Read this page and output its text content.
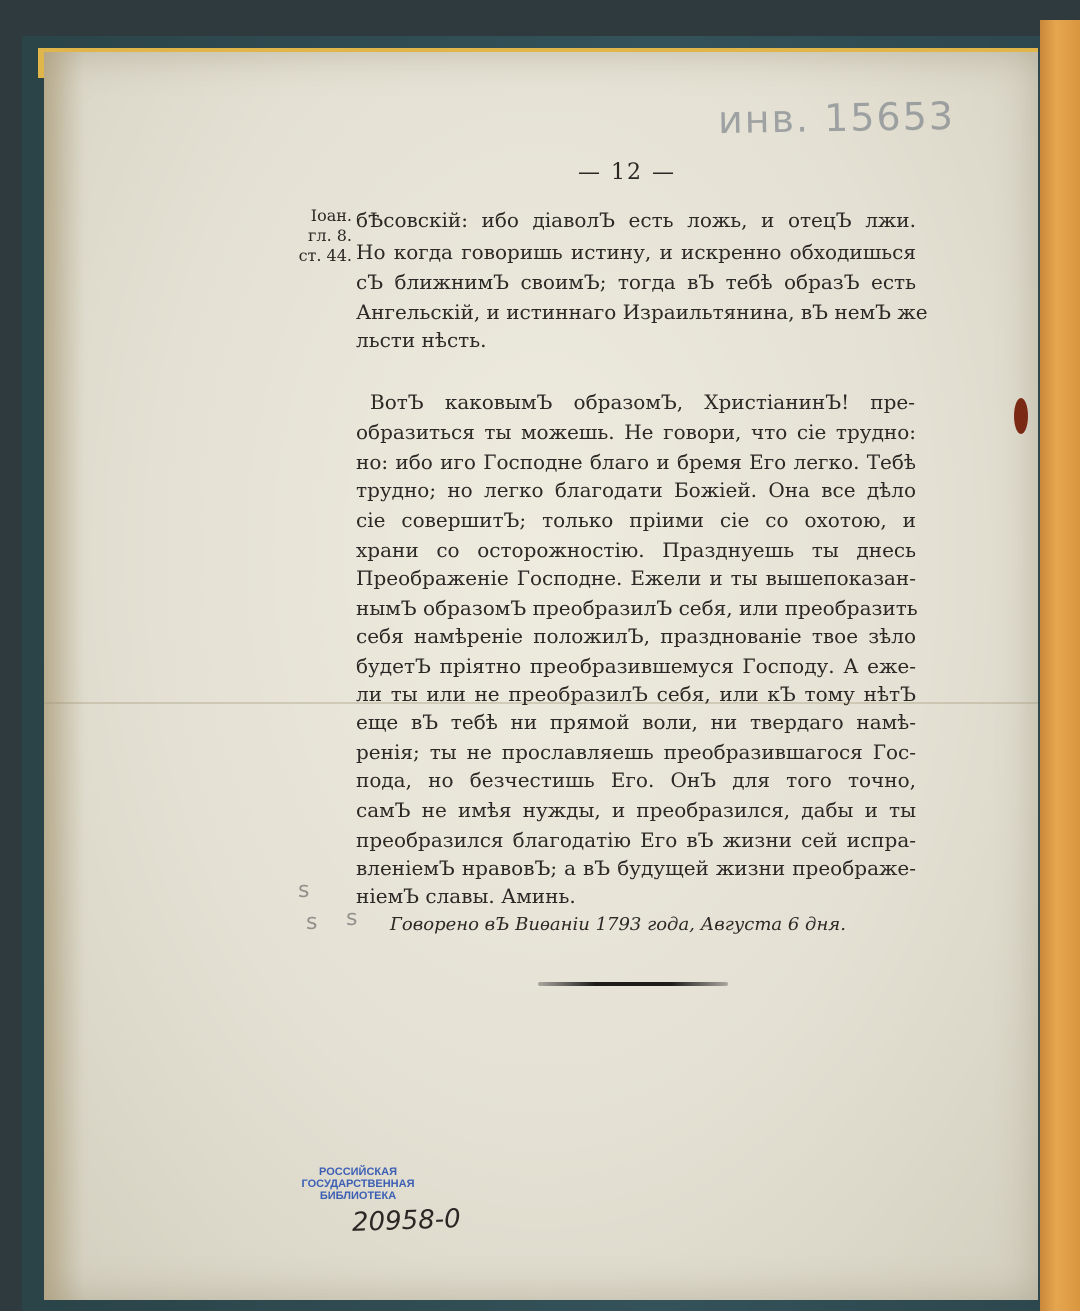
инв. 15653
— 12 —
Іоан.
гл. 8.
ст. 44.
бѢсовскій: ибо діаволЪ есть ложь, и отецЪ лжи.
Но когда говоришь истину, и искренно обходишься
сЪ ближнимЪ своимЪ; тогда вЪ тебѣ образЪ есть
Ангельскій, и истиннаго Израильтянина, вЪ немЪ же
льсти нѣсть.
ВотЪ каковымЪ образомЪ, ХристіанинЪ! пре-
образиться ты можешь. Не говори, что сіе трудно:
но: ибо иго Господне благо и бремя Его легко. Тебѣ
трудно; но легко благодати Божіей. Она все дѣло
сіе совершитЪ; только пріими сіе со охотою, и
храни со осторожностію. Празднуешь ты днесь
Преображеніе Господне. Ежели и ты вышепоказан-
нымЪ образомЪ преобразилЪ себя, или преобразить
себя намѣреніе положилЪ, празднованіе твое зѣло
будетЪ пріятно преобразившемуся Господу. А еже-
ли ты или не преобразилЪ себя, или кЪ тому нѣтЪ
еще вЪ тебѣ ни прямой воли, ни твердаго намѣ-
ренія; ты не прославляешь преобразившагося Гос-
пода, но безчестишь Его. ОнЪ для того точно,
самЪ не имѣя нужды, и преобразился, дабы и ты
преобразился благодатію Его вЪ жизни сей испра-
вленіемЪ нравовЪ; а вЪ будущей жизни преображе-
ніемЪ славы. Аминь.
Говорено вЪ Виѳаніи 1793 года, Августа 6 дня.
s
s s
РОССИЙСКАЯ
ГОСУДАРСТВЕННАЯ
БИБЛИОТЕКА
20958-0
